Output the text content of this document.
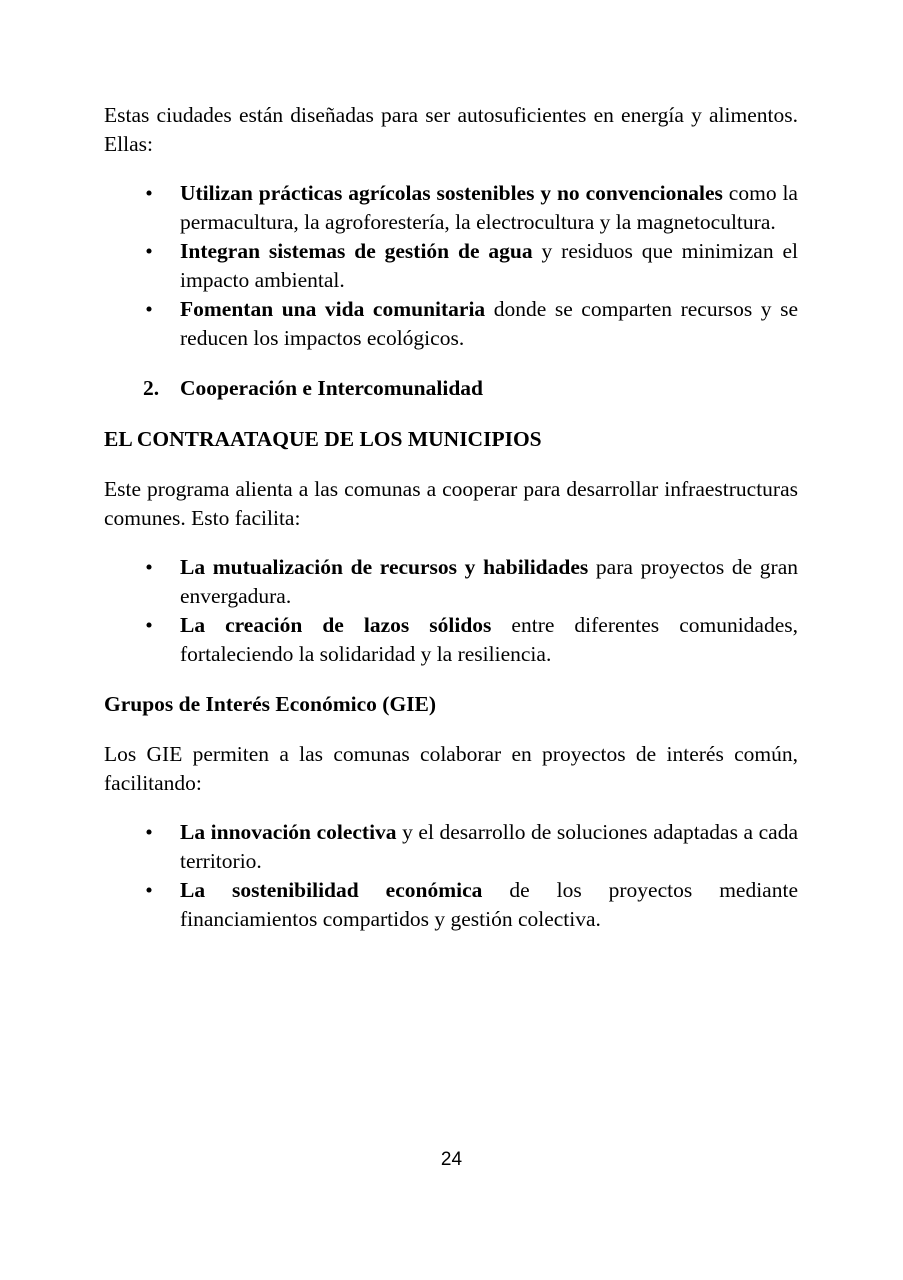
Estas ciudades están diseñadas para ser autosuficientes en energía y alimentos. Ellas:

• Utilizan prácticas agrícolas sostenibles y no convencionales como la permacultura, la agroforestería, la electrocultura y la magnetocultura.
• Integran sistemas de gestión de agua y residuos que minimizan el impacto ambiental.
• Fomentan una vida comunitaria donde se comparten recursos y se reducen los impactos ecológicos.
2. Cooperación e Intercomunalidad
EL CONTRAATAQUE DE LOS MUNICIPIOS

Este programa alienta a las comunas a cooperar para desarrollar infraestructuras comunes. Esto facilita:

• La mutualización de recursos y habilidades para proyectos de gran envergadura.
• La creación de lazos sólidos entre diferentes comunidades, fortaleciendo la solidaridad y la resiliencia.
Grupos de Interés Económico (GIE)

Los GIE permiten a las comunas colaborar en proyectos de interés común, facilitando:

• La innovación colectiva y el desarrollo de soluciones adaptadas a cada territorio.
• La sostenibilidad económica de los proyectos mediante financiamientos compartidos y gestión colectiva.
24
